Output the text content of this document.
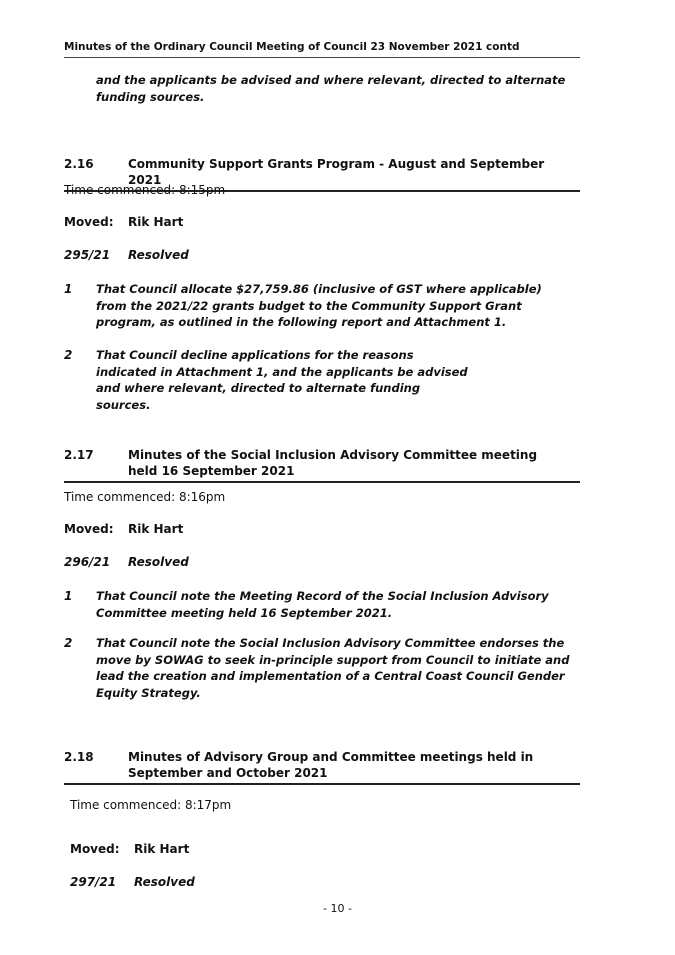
Minutes of the Ordinary Council Meeting of Council 23 November 2021 contd
and the applicants be advised and where relevant, directed to alternate funding sources.
2.16	Community Support Grants Program - August and September 2021
Time commenced: 8:15pm
Moved: Rik Hart
295/21 Resolved
1 That Council allocate $27,759.86 (inclusive of GST where applicable) from the 2021/22 grants budget to the Community Support Grant program, as outlined in the following report and Attachment 1.
2 That Council decline applications for the reasons indicated in Attachment 1, and the applicants be advised and where relevant, directed to alternate funding sources.
2.17	Minutes of the Social Inclusion Advisory Committee meeting held 16 September 2021
Time commenced: 8:16pm
Moved: Rik Hart
296/21 Resolved
1 That Council note the Meeting Record of the Social Inclusion Advisory Committee meeting held 16 September 2021.
2 That Council note the Social Inclusion Advisory Committee endorses the move by SOWAG to seek in-principle support from Council to initiate and lead the creation and implementation of a Central Coast Council Gender Equity Strategy.
2.18	Minutes of Advisory Group and Committee meetings held in September and October 2021
Time commenced: 8:17pm
Moved: Rik Hart
297/21 Resolved
- 10 -
